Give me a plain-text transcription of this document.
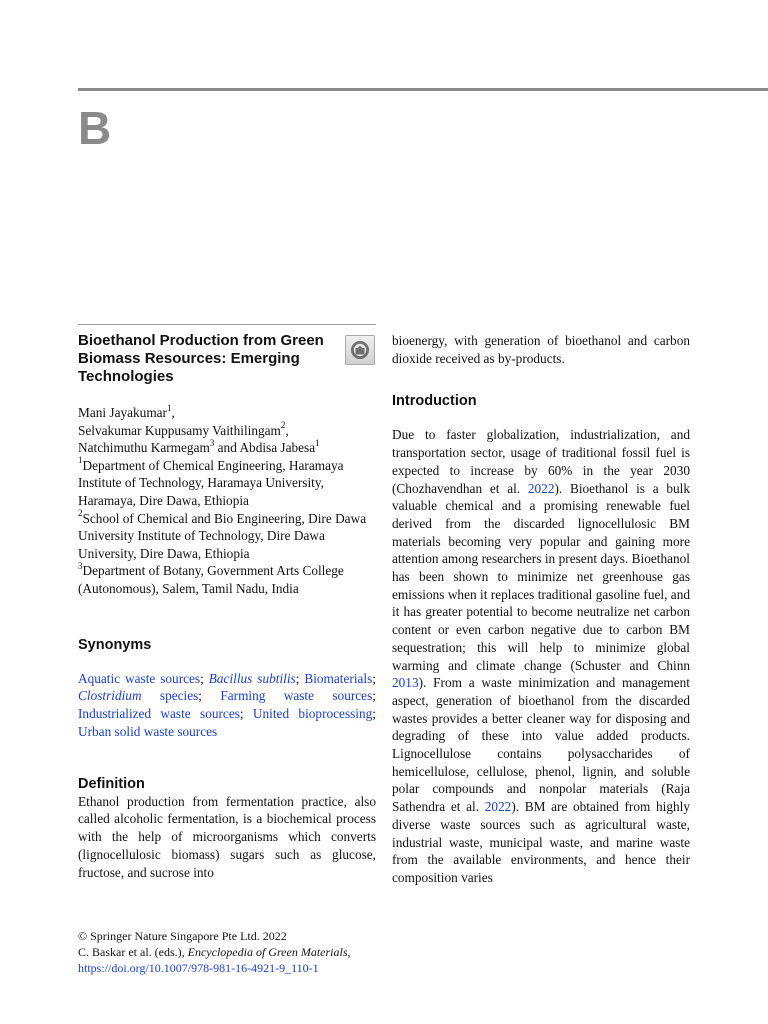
B
Bioethanol Production from Green Biomass Resources: Emerging Technologies
Mani Jayakumar$^1$,
Selvakumar Kuppusamy Vaithilingam$^2$,
Natchimuthu Karmegam$^3$ and Abdisa Jabesa$^1$
$^1$Department of Chemical Engineering, Haramaya Institute of Technology, Haramaya University, Haramaya, Dire Dawa, Ethiopia
$^2$School of Chemical and Bio Engineering, Dire Dawa University Institute of Technology, Dire Dawa University, Dire Dawa, Ethiopia
$^3$Department of Botany, Government Arts College (Autonomous), Salem, Tamil Nadu, India
Synonyms
Aquatic waste sources; Bacillus subtilis; Biomaterials; Clostridium species; Farming waste sources; Industrialized waste sources; United bioprocessing; Urban solid waste sources
Definition

Ethanol production from fermentation practice, also called alcoholic fermentation, is a biochemical process with the help of microorganisms which converts (lignocellulosic biomass) sugars such as glucose, fructose, and sucrose into

bioenergy, with generation of bioethanol and carbon dioxide received as by-products.

Introduction

Due to faster globalization, industrialization, and transportation sector, usage of traditional fossil fuel is expected to increase by 60% in the year 2030 (Chozhavendhan et al. 2022). Bioethanol is a bulk valuable chemical and a promising renewable fuel derived from the discarded lignocellulosic BM materials becoming very popular and gaining more attention among researchers in present days. Bioethanol has been shown to minimize net greenhouse gas emissions when it replaces traditional gasoline fuel, and it has greater potential to become neutralize net carbon content or even carbon negative due to carbon BM sequestration; this will help to minimize global warming and climate change (Schuster and Chinn 2013). From a waste minimization and management aspect, generation of bioethanol from the discarded wastes provides a better cleaner way for disposing and degrading of these into value added products. Lignocellulose contains polysaccharides of hemicellulose, cellulose, phenol, lignin, and soluble polar compounds and nonpolar materials (Raja Sathendra et al. 2022). BM are obtained from highly diverse waste sources such as agricultural waste, industrial waste, municipal waste, and marine waste from the available environments, and hence their composition varies

© Springer Nature Singapore Pte Ltd. 2022
C. Baskar et al. (eds.), Encyclopedia of Green Materials,
https://doi.org/10.1007/978-981-16-4921-9_110-1
